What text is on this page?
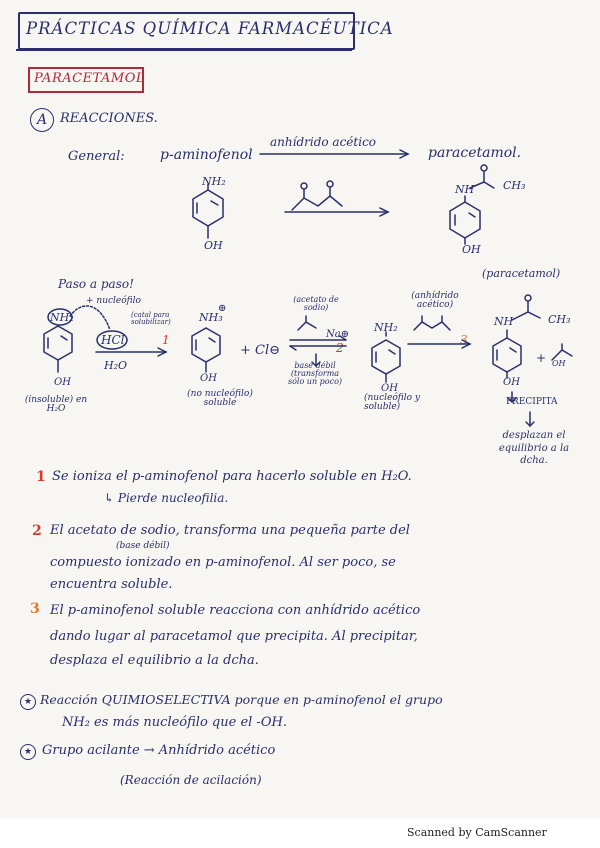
PRÁCTICAS QUÍMICA FARMACÉUTICA
PARACETAMOL
A REACCIONES.
General:	p-aminofenol
anhídrido acético
paracetamol.
NH₂
OH
NH	CH₃
OH
Paso a paso!
+ nucleófilo
NH₂
HCl
(catal para solubilizar)
1
H₂O
OH
(insoluble) en H₂O
NH₃
⊕
OH
(no nucleófilo) soluble
+ Cl⊖
(acetato de sodio)
Na⊕
2
base débil (transforma sólo un poco)
NH₂
OH
(nucleófilo y soluble)
(anhídrido acético)
3
(paracetamol)
NH	CH₃
OH
+ OH
PRECIPITA
desplazan el equilibrio a la dcha.
1 Se ioniza el p-aminofenol para hacerlo soluble en H₂O.
↳ Pierde nucleofilia.
2 El acetato de sodio, transforma una pequeña parte del
(base débil)
compuesto ionizado en p-aminofenol. Al ser poco, se
encuentra soluble.
3 El p-aminofenol soluble reacciona con anhídrido acético
dando lugar al paracetamol que precipita. Al precipitar,
desplaza el equilibrio a la dcha.
★ Reacción QUIMIOSELECTIVA porque en p-aminofenol el grupo
NH₂ es más nucleófilo que el -OH.
★ Grupo acilante → Anhídrido acético
(Reacción de acilación)
Scanned by CamScanner
